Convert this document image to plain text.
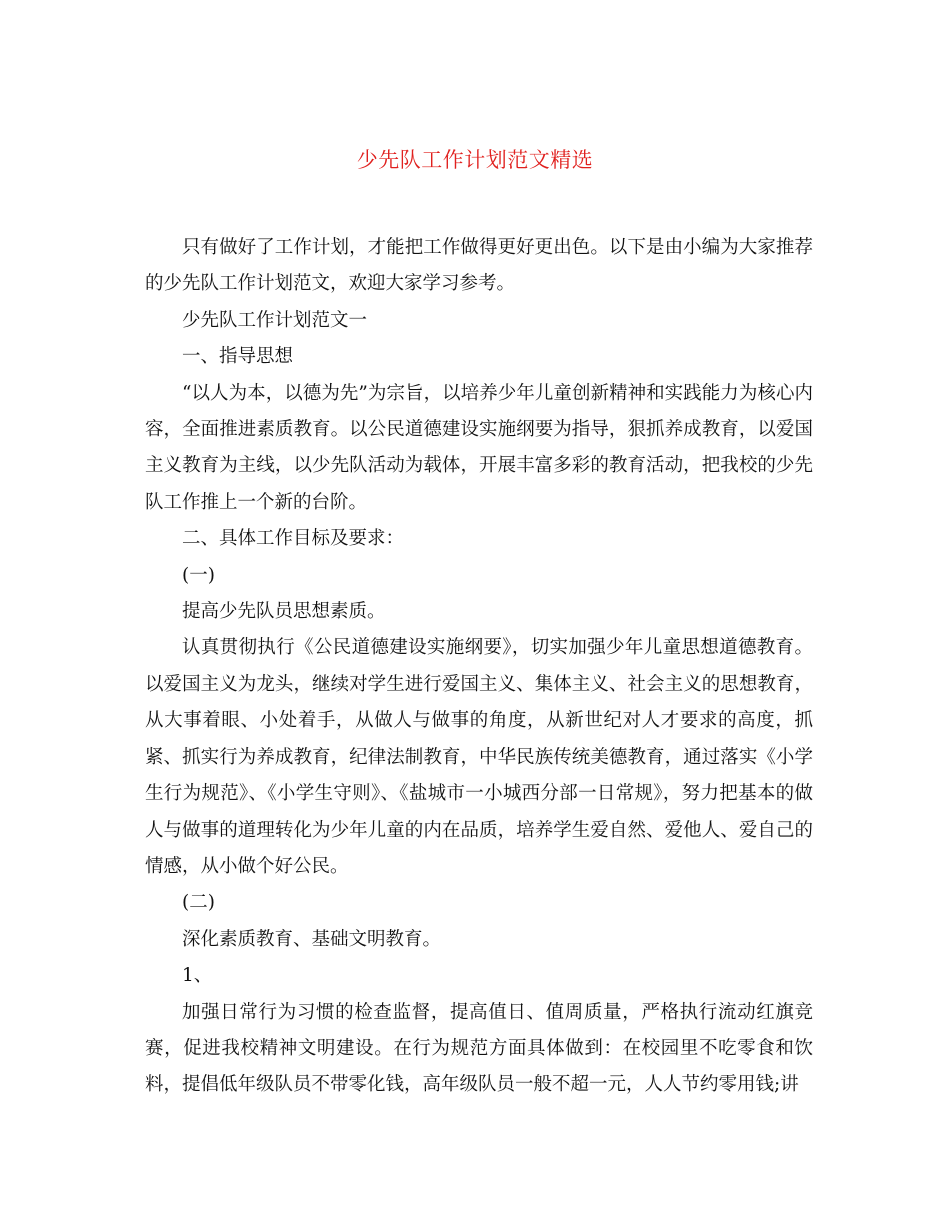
少先队工作计划范文精选

只有做好了工作计划，才能把工作做得更好更出色。以下是由小编为大家推荐的少先队工作计划范文，欢迎大家学习参考。

少先队工作计划范文一

一、指导思想

“以人为本，以德为先”为宗旨，以培养少年儿童创新精神和实践能力为核心内容，全面推进素质教育。以公民道德建设实施纲要为指导，狠抓养成教育，以爱国主义教育为主线，以少先队活动为载体，开展丰富多彩的教育活动，把我校的少先队工作推上一个新的台阶。

二、具体工作目标及要求：

(一)

提高少先队员思想素质。

认真贯彻执行《公民道德建设实施纲要》，切实加强少年儿童思想道德教育。以爱国主义为龙头，继续对学生进行爱国主义、集体主义、社会主义的思想教育，从大事着眼、小处着手，从做人与做事的角度，从新世纪对人才要求的高度，抓紧、抓实行为养成教育，纪律法制教育，中华民族传统美德教育，通过落实《小学生行为规范》、《小学生守则》、《盐城市一小城西分部一日常规》，努力把基本的做人与做事的道理转化为少年儿童的内在品质，培养学生爱自然、爱他人、爱自己的情感，从小做个好公民。

(二)

深化素质教育、基础文明教育。

1、

加强日常行为习惯的检查监督，提高值日、值周质量，严格执行流动红旗竞赛，促进我校精神文明建设。在行为规范方面具体做到：在校园里不吃零食和饮料，提倡低年级队员不带零化钱，高年级队员一般不超一元，人人节约零用钱;讲
